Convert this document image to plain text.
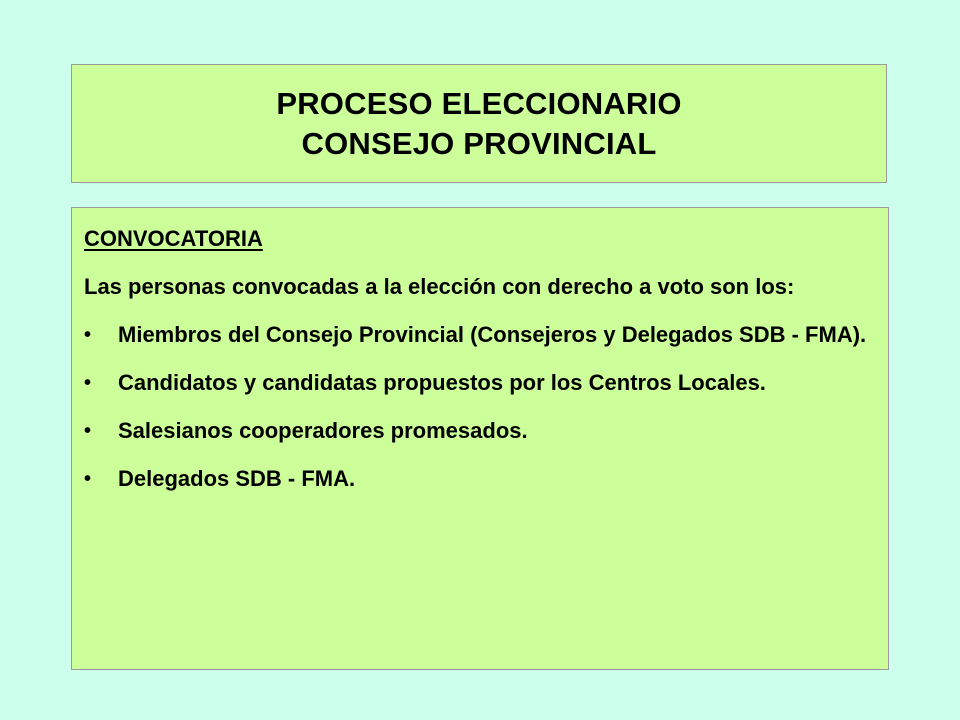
PROCESO ELECCIONARIO
CONSEJO PROVINCIAL
CONVOCATORIA
Las personas convocadas a la elección con derecho a voto son los:
•	Miembros del Consejo Provincial (Consejeros y Delegados SDB - FMA).
•	Candidatos y candidatas propuestos por los Centros Locales.
•	Salesianos cooperadores promesados.
•	Delegados SDB - FMA.
